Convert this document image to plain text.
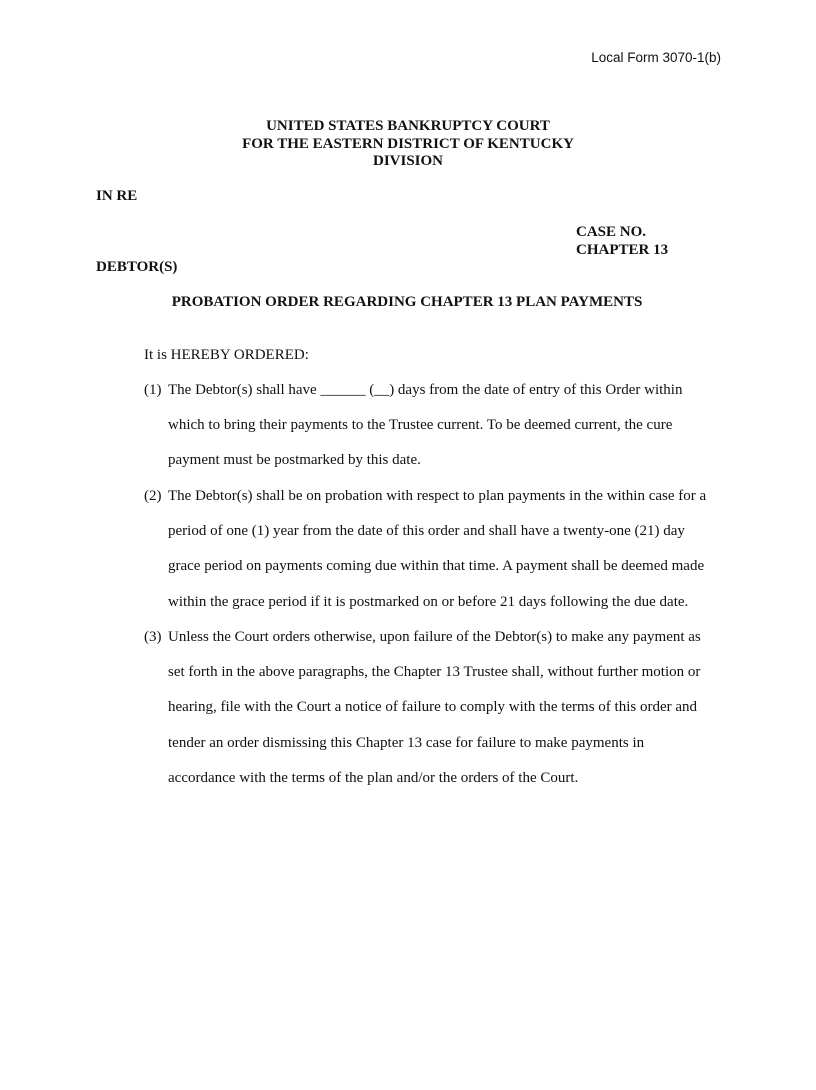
Local Form 3070-1(b)
UNITED STATES BANKRUPTCY COURT
FOR THE EASTERN DISTRICT OF KENTUCKY
DIVISION
IN RE
CASE NO.
CHAPTER 13
DEBTOR(S)
PROBATION ORDER REGARDING CHAPTER 13 PLAN PAYMENTS
It is HEREBY ORDERED:
(1) The Debtor(s) shall have ______ (__) days from the date of entry of this Order within
which to bring their payments to the Trustee current. To be deemed current, the cure
payment must be postmarked by this date.
(2) The Debtor(s) shall be on probation with respect to plan payments in the within case for a
period of one (1) year from the date of this order and shall have a twenty-one (21) day
grace period on payments coming due within that time. A payment shall be deemed made
within the grace period if it is postmarked on or before 21 days following the due date.
(3) Unless the Court orders otherwise, upon failure of the Debtor(s) to make any payment as
set forth in the above paragraphs, the Chapter 13 Trustee shall, without further motion or
hearing, file with the Court a notice of failure to comply with the terms of this order and
tender an order dismissing this Chapter 13 case for failure to make payments in
accordance with the terms of the plan and/or the orders of the Court.
